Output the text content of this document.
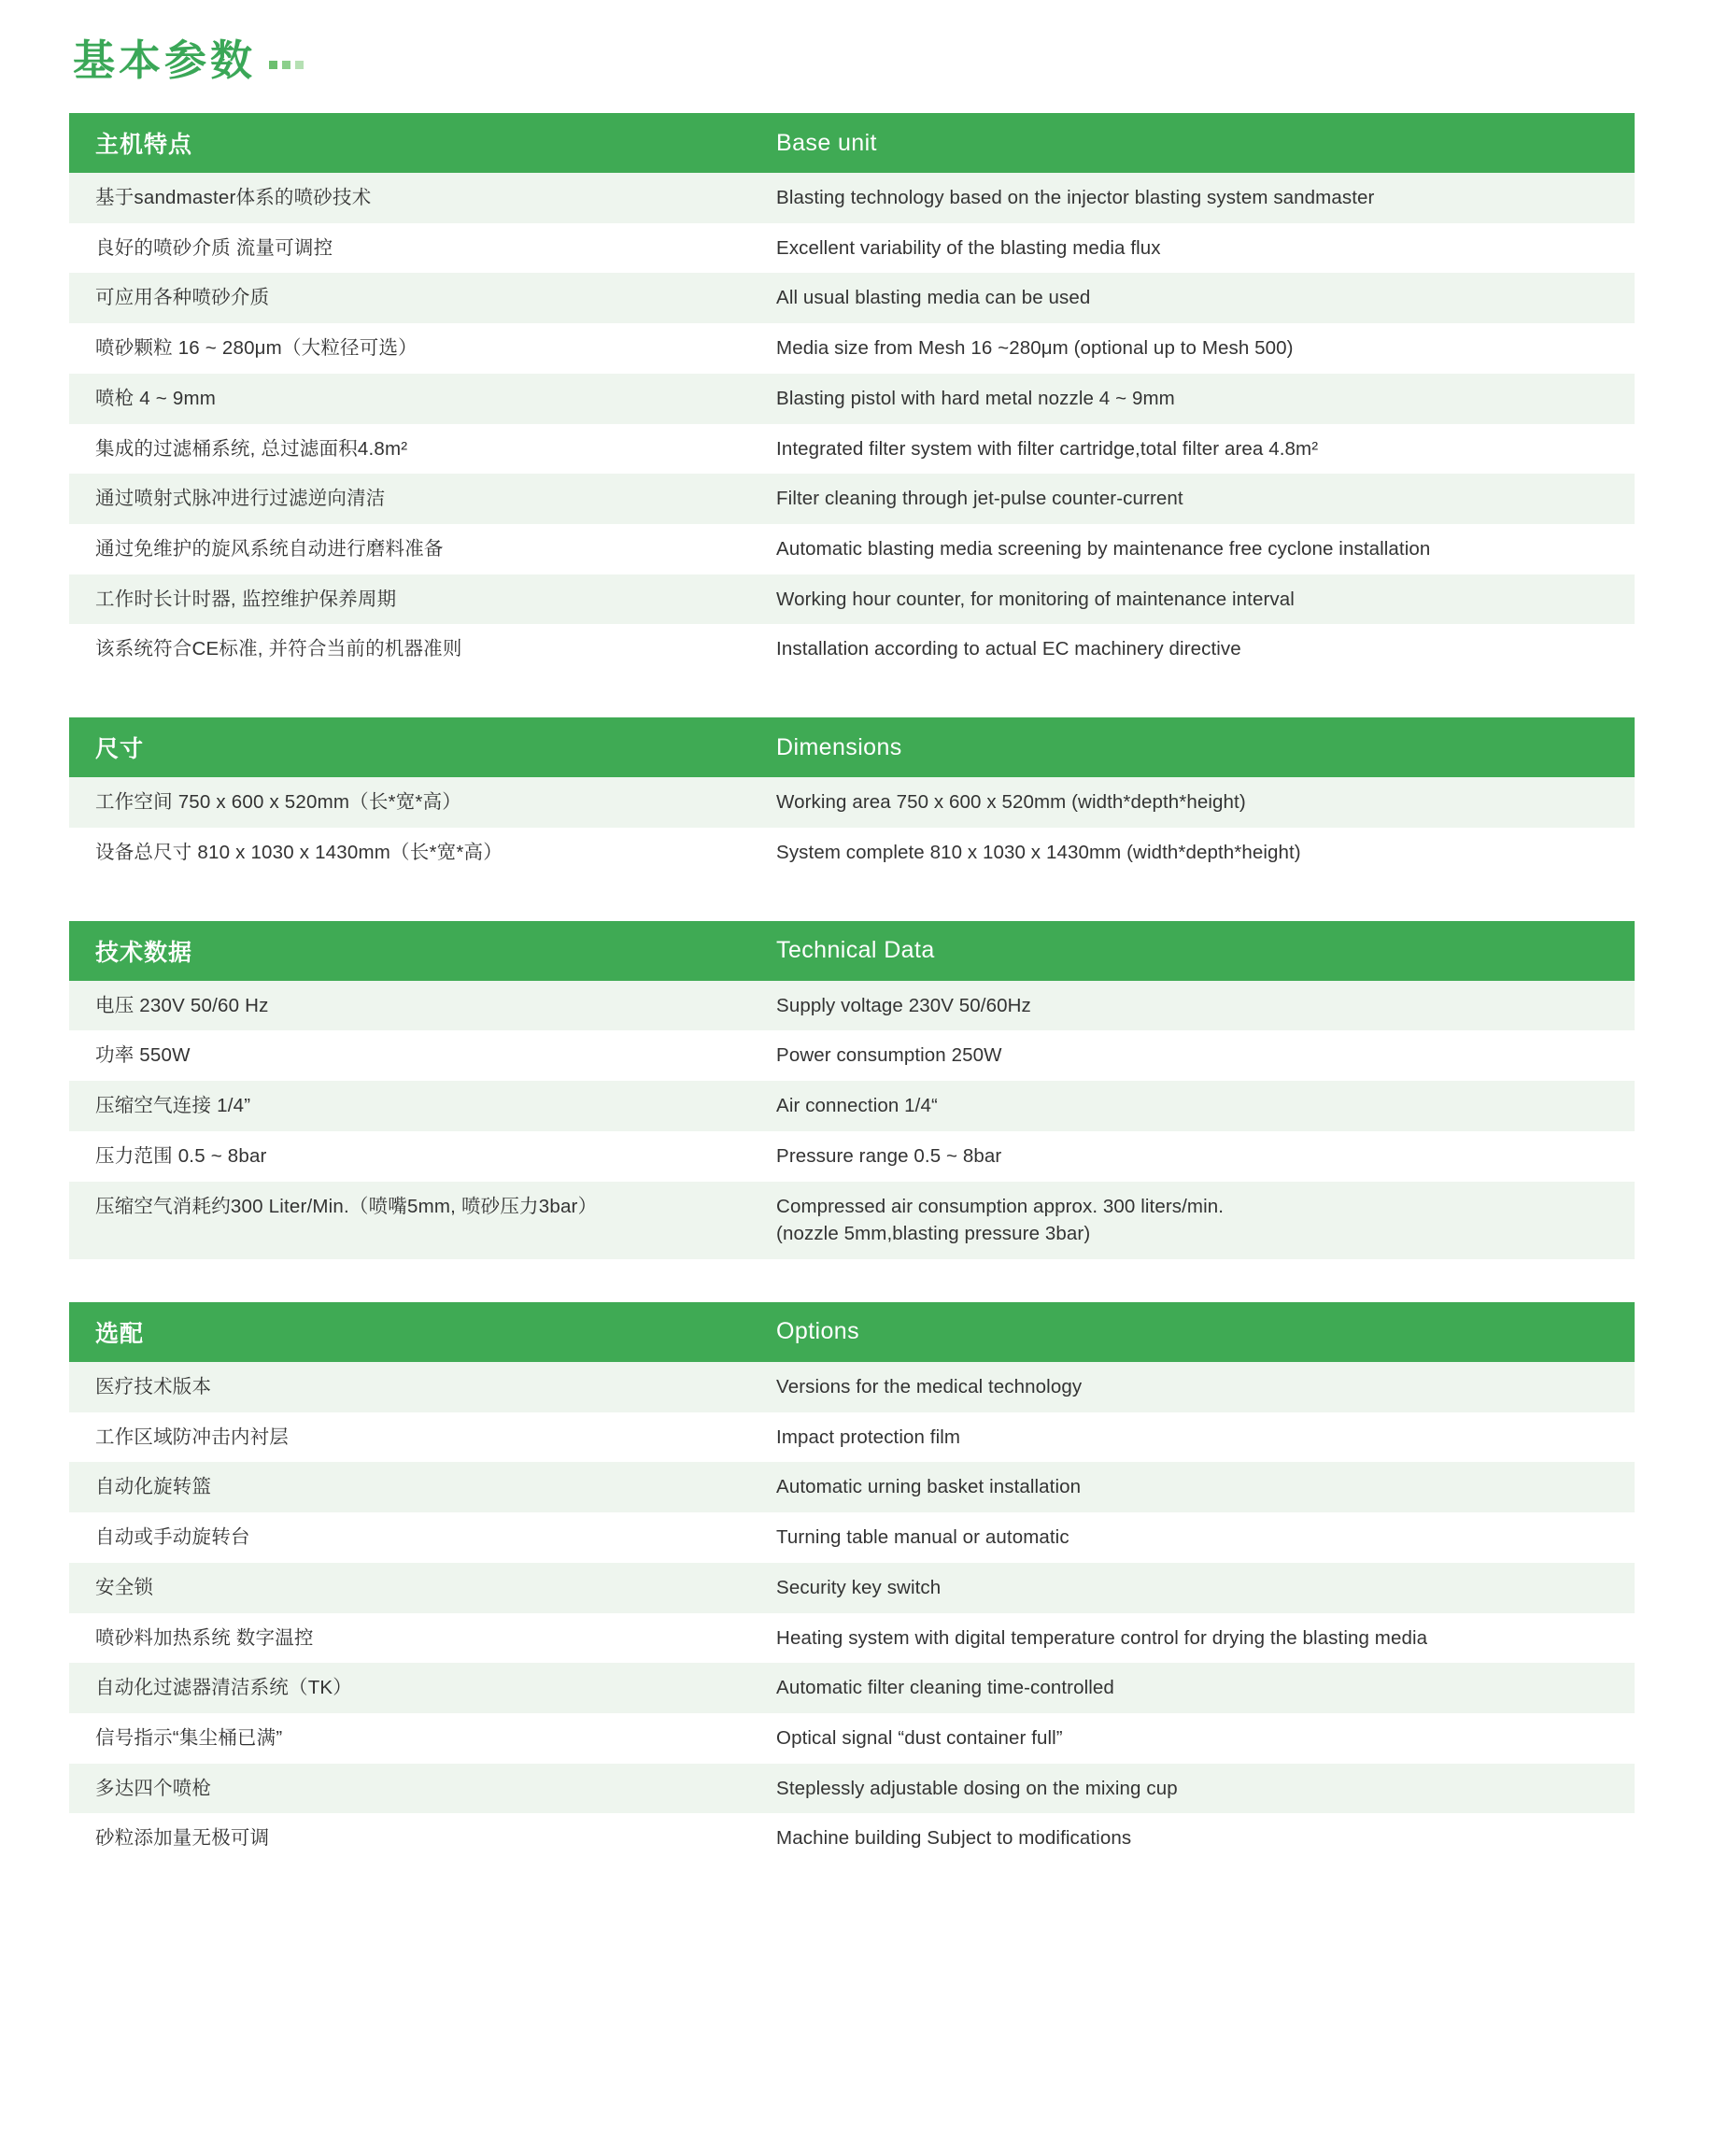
基本参数
主机特点	Base unit
基于sandmaster体系的喷砂技术	Blasting technology based on the injector blasting system sandmaster
良好的喷砂介质 流量可调控	Excellent variability of the blasting media flux
可应用各种喷砂介质	All usual blasting media can be used
喷砂颗粒 16 ~ 280μm（大粒径可选）	Media size from Mesh 16 ~280μm (optional up to Mesh 500)
喷枪 4 ~ 9mm	Blasting pistol with hard metal nozzle 4 ~ 9mm
集成的过滤桶系统, 总过滤面积4.8m²	Integrated filter system with filter cartridge,total filter area 4.8m²
通过喷射式脉冲进行过滤逆向清洁	Filter cleaning through jet-pulse counter-current
通过免维护的旋风系统自动进行磨料准备	Automatic blasting media screening by maintenance free cyclone installation
工作时长计时器, 监控维护保养周期	Working hour counter, for monitoring of maintenance interval
该系统符合CE标准, 并符合当前的机器准则	Installation according to actual EC machinery directive
尺寸	Dimensions
工作空间 750 x 600 x 520mm（长*宽*高）	Working area 750 x 600 x 520mm (width*depth*height)
设备总尺寸 810 x 1030 x 1430mm（长*宽*高）	System complete 810 x 1030 x 1430mm (width*depth*height)
技术数据	Technical Data
电压 230V 50/60 Hz	Supply voltage 230V 50/60Hz
功率 550W	Power consumption 250W
压缩空气连接 1/4”	Air connection 1/4“
压力范围 0.5 ~ 8bar	Pressure range 0.5 ~ 8bar
压缩空气消耗约300 Liter/Min.（喷嘴5mm, 喷砂压力3bar）	Compressed air consumption approx. 300 liters/min.
(nozzle 5mm,blasting pressure 3bar)
选配	Options
医疗技术版本	Versions for the medical technology
工作区域防冲击内衬层	Impact protection film
自动化旋转篮	Automatic urning basket installation
自动或手动旋转台	Turning table manual or automatic
安全锁	Security key switch
喷砂料加热系统 数字温控	Heating system with digital temperature control for drying the blasting media
自动化过滤器清洁系统（TK）	Automatic filter cleaning time-controlled
信号指示“集尘桶已满”	Optical signal “dust container full”
多达四个喷枪	Steplessly adjustable dosing on the mixing cup
砂粒添加量无极可调	Machine building Subject to modifications
